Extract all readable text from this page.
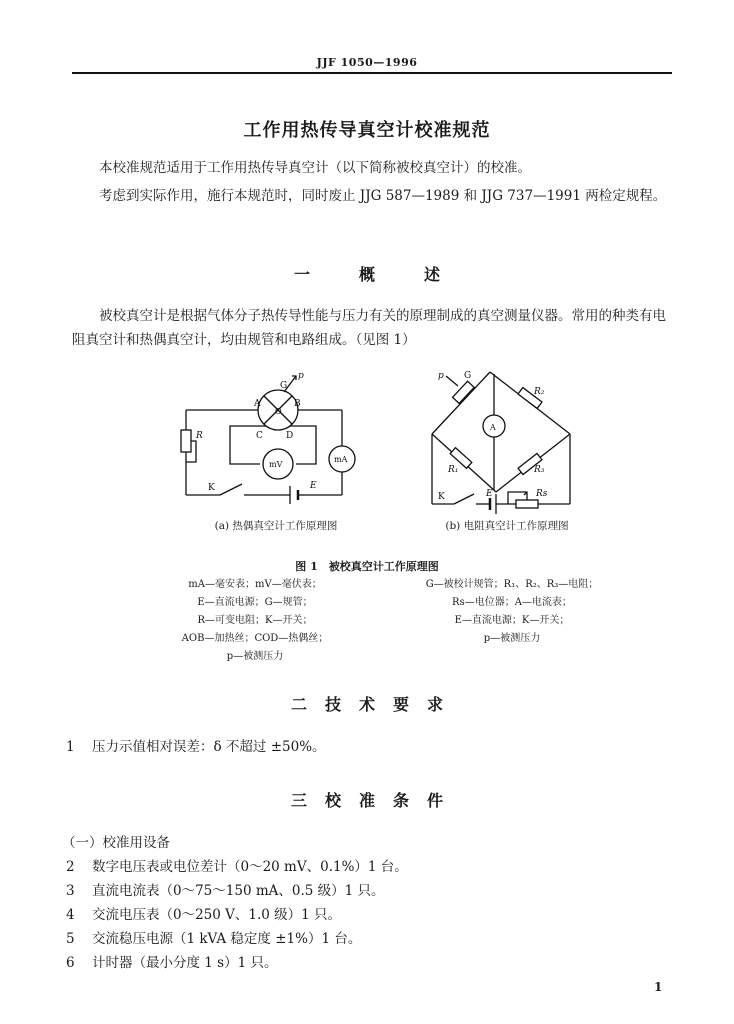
JJF 1050—1996
工作用热传导真空计校准规范
本校准规范适用于工作用热传导真空计（以下简称被校真空计）的校准。
考虑到实际作用，施行本规范时，同时废止 JJG 587—1989 和 JJG 737—1991 两检定规程。
一	概	述
被校真空计是根据气体分子热传导性能与压力有关的原理制成的真空测量仪器。常用的种类有电阻真空计和热偶真空计，均由规管和电路组成。（见图 1）
O
A	B
G
p
C	D
R
mV
mA
K	E
p G
R₂
A
R₁	R₃
K	E	Rs
(a) 热偶真空计工作原理图	(b) 电阻真空计工作原理图
图 1　被校真空计工作原理图
mA—毫安表；mV—毫伏表；
E—直流电源；G—规管；
R—可变电阻；K—开关；
AOB—加热丝；COD—热偶丝；
p—被测压力
G—被校计规管；R₁、R₂、R₃—电阻；
Rs—电位器；A—电流表；
E—直流电源；K—开关；
p—被测压力
二 技 术 要 求
1 压力示值相对误差：δ 不超过 ±50%。
三 校 准 条 件
（一）校准用设备
2 数字电压表或电位差计（0～20 mV、0.1%）1 台。
3 直流电流表（0～75～150 mA、0.5 级）1 只。
4 交流电压表（0～250 V、1.0 级）1 只。
5 交流稳压电源（1 kVA 稳定度 ±1%）1 台。
6 计时器（最小分度 1 s）1 只。
1
